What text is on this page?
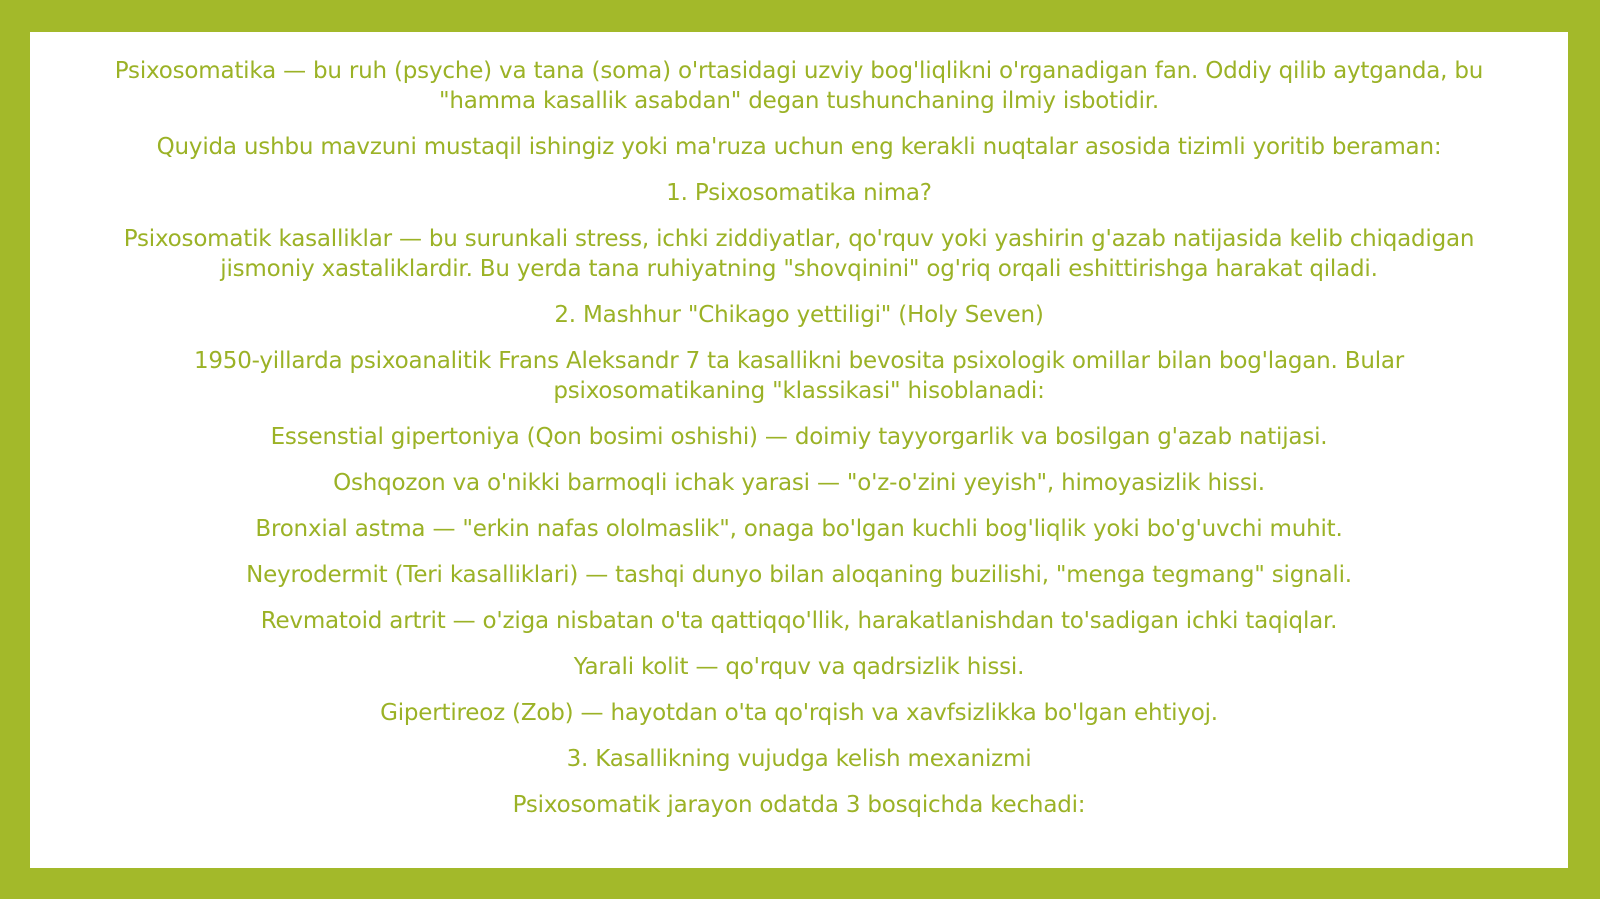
Psixosomatika — bu ruh (psyche) va tana (soma) o'rtasidagi uzviy bog'liqlikni o'rganadigan fan. Oddiy qilib aytganda, bu "hamma kasallik asabdan" degan tushunchaning ilmiy isbotidir.

Quyida ushbu mavzuni mustaqil ishingiz yoki ma'ruza uchun eng kerakli nuqtalar asosida tizimli yoritib beraman:

1. Psixosomatika nima?

Psixosomatik kasalliklar — bu surunkali stress, ichki ziddiyatlar, qo'rquv yoki yashirin g'azab natijasida kelib chiqadigan jismoniy xastaliklardir. Bu yerda tana ruhiyatning "shovqinini" og'riq orqali eshittirishga harakat qiladi.

2. Mashhur "Chikago yettiligi" (Holy Seven)

1950-yillarda psixoanalitik Frans Aleksandr 7 ta kasallikni bevosita psixologik omillar bilan bog'lagan. Bular psixosomatikaning "klassikasi" hisoblanadi:

Essenstial gipertoniya (Qon bosimi oshishi) — doimiy tayyorgarlik va bosilgan g'azab natijasi.

Oshqozon va o'nikki barmoqli ichak yarasi — "o'z-o'zini yeyish", himoyasizlik hissi.

Bronxial astma — "erkin nafas ololmaslik", onaga bo'lgan kuchli bog'liqlik yoki bo'g'uvchi muhit.

Neyrodermit (Teri kasalliklari) — tashqi dunyo bilan aloqaning buzilishi, "menga tegmang" signali.

Revmatoid artrit — o'ziga nisbatan o'ta qattiqqo'llik, harakatlanishdan to'sadigan ichki taqiqlar.

Yarali kolit — qo'rquv va qadrsizlik hissi.

Gipertireoz (Zob) — hayotdan o'ta qo'rqish va xavfsizlikka bo'lgan ehtiyoj.

3. Kasallikning vujudga kelish mexanizmi

Psixosomatik jarayon odatda 3 bosqichda kechadi:
